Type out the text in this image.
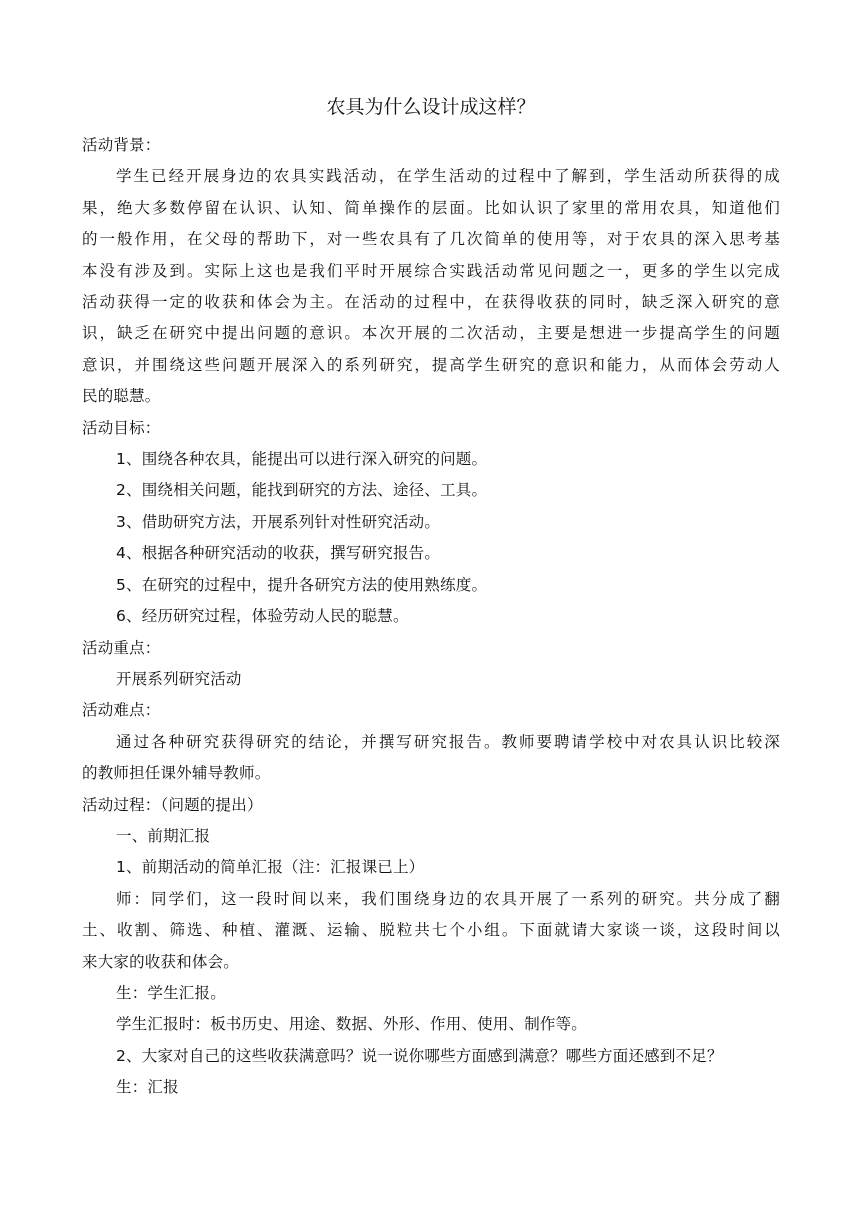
农具为什么设计成这样？

活动背景：

学生已经开展身边的农具实践活动，在学生活动的过程中了解到，学生活动所获得的成

果，绝大多数停留在认识、认知、简单操作的层面。比如认识了家里的常用农具，知道他们

的一般作用，在父母的帮助下，对一些农具有了几次简单的使用等，对于农具的深入思考基

本没有涉及到。实际上这也是我们平时开展综合实践活动常见问题之一，更多的学生以完成

活动获得一定的收获和体会为主。在活动的过程中，在获得收获的同时，缺乏深入研究的意

识，缺乏在研究中提出问题的意识。本次开展的二次活动，主要是想进一步提高学生的问题

意识，并围绕这些问题开展深入的系列研究，提高学生研究的意识和能力，从而体会劳动人

民的聪慧。

活动目标：

1、围绕各种农具，能提出可以进行深入研究的问题。

2、围绕相关问题，能找到研究的方法、途径、工具。

3、借助研究方法，开展系列针对性研究活动。

4、根据各种研究活动的收获，撰写研究报告。

5、在研究的过程中，提升各研究方法的使用熟练度。

6、经历研究过程，体验劳动人民的聪慧。

活动重点：

开展系列研究活动

活动难点：

通过各种研究获得研究的结论，并撰写研究报告。教师要聘请学校中对农具认识比较深

的教师担任课外辅导教师。

活动过程：（问题的提出）

一、前期汇报

1、前期活动的简单汇报（注：汇报课已上）

师：同学们，这一段时间以来，我们围绕身边的农具开展了一系列的研究。共分成了翻

土、收割、筛选、种植、灌溉、运输、脱粒共七个小组。下面就请大家谈一谈，这段时间以

来大家的收获和体会。

生：学生汇报。

学生汇报时：板书历史、用途、数据、外形、作用、使用、制作等。

2、大家对自己的这些收获满意吗？说一说你哪些方面感到满意？哪些方面还感到不足？

生：汇报
